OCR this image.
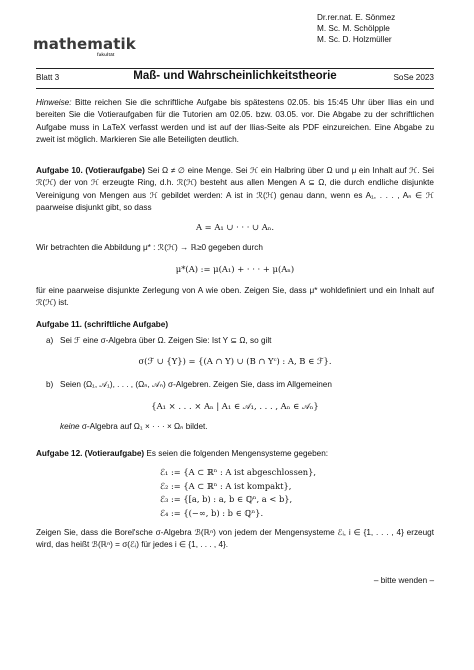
mathematik
fakultät
Dr.rer.nat. E. Sönmez
M. Sc. M. Schölpple
M. Sc. D. Holzmüller
Blatt 3	Maß- und Wahrscheinlichkeitstheorie	SoSe 2023
Hinweise: Bitte reichen Sie die schriftliche Aufgabe bis spätestens 02.05. bis 15:45 Uhr über Ilias ein und bereiten Sie die Votieraufgaben für die Tutorien am 02.05. bzw. 03.05. vor. Die Abgabe zu der schriftlichen Aufgabe muss in LaTeX verfasst werden und ist auf der Ilias-Seite als PDF einzureichen. Eine Abgabe zu zweit ist möglich. Markieren Sie alle Beteiligten deutlich.
Aufgabe 10. (Votieraufgabe) Sei Ω ≠ ∅ eine Menge. Sei ℋ ein Halbring über Ω und μ ein Inhalt auf ℋ. Sei ℛ(ℋ) der von ℋ erzeugte Ring, d.h. ℛ(ℋ) besteht aus allen Mengen A ⊆ Ω, die durch endliche disjunkte Vereinigung von Mengen aus ℋ gebildet werden: A ist in ℛ(ℋ) genau dann, wenn es A₁, . . . , Aₙ ∈ ℋ paarweise disjunkt gibt, so dass
A = A₁ ∪ · · · ∪ Aₙ.
Wir betrachten die Abbildung μ* : ℛ(ℋ) → ℝ≥0 gegeben durch
μ*(A) := μ(A₁) + · · · + μ(Aₙ)
für eine paarweise disjunkte Zerlegung von A wie oben. Zeigen Sie, dass μ* wohldefiniert und ein Inhalt auf ℛ(ℋ) ist.
Aufgabe 11. (schriftliche Aufgabe)
a) Sei ℱ eine σ-Algebra über Ω. Zeigen Sie: Ist Y ⊆ Ω, so gilt
σ(ℱ ∪ {Y}) = {(A ∩ Y) ∪ (B ∩ Yᶜ) : A, B ∈ ℱ}.
b) Seien (Ω₁, 𝒜₁), . . . , (Ωₙ, 𝒜ₙ) σ-Algebren. Zeigen Sie, dass im Allgemeinen
{A₁ × . . . × Aₙ | A₁ ∈ 𝒜₁, . . . , Aₙ ∈ 𝒜ₙ}
keine σ-Algebra auf Ω₁ × · · · × Ωₙ bildet.
Aufgabe 12. (Votieraufgabe) Es seien die folgenden Mengensysteme gegeben:
ℰ₁ := {A ⊂ ℝⁿ : A ist abgeschlossen},
ℰ₂ := {A ⊂ ℝⁿ : A ist kompakt},
ℰ₃ := {[a, b) : a, b ∈ ℚⁿ, a < b},
ℰ₄ := {(−∞, b) : b ∈ ℚⁿ}.
Zeigen Sie, dass die Borel'sche σ-Algebra ℬ(ℝⁿ) von jedem der Mengensysteme ℰᵢ, i ∈ {1, . . . , 4} erzeugt wird, das heißt ℬ(ℝⁿ) = σ(ℰᵢ) für jedes i ∈ {1, . . . , 4}.
– bitte wenden –
